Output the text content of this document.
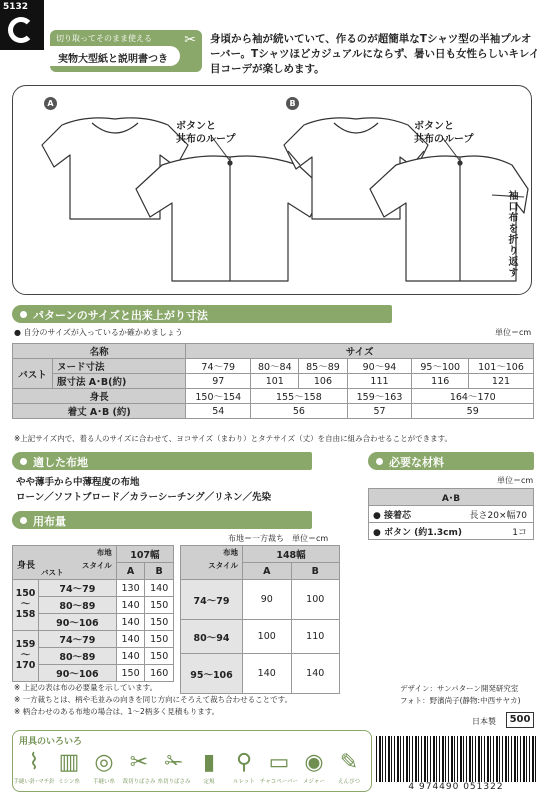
5132
切り取ってそのまま使える ✂
実物大型紙と説明書つき
身頃から袖が続いていて、作るのが超簡単なTシャツ型の半袖プルオーバー。Tシャツほどカジュアルにならず、暑い日も女性らしいキレイ目コーデが楽しめます。
A	B
ボタンと
共布のループ
ボタンと
共布のループ
袖口布を折り返す
パターンのサイズと出来上がり寸法
● 自分のサイズが入っているか確かめましょう	単位＝cm
名称		サイズ					
バスト	ヌード寸法	74〜79	80〜84	85〜89	90〜94	95〜100	101〜106
	服寸法 A･B(約)	97	101	106	111	116	121
身長		150〜154	155〜158		159〜163	164〜170	
着丈 A･B (約)		54	56		57	59	
※上記サイズ内で、着る人のサイズに合わせて、ヨコサイズ（まわり）とタテサイズ（丈）を自由に組み合わせることができます。
適した布地
やや薄手から中薄程度の布地
ローン／ソフトブロード／カラーシーチング／リネン／先染
必要な材料
単位＝cm
A･B	
● 接着芯	長さ20×幅70
● ボタン (約1.3cm)	1コ
用布量
布地＝一方裁ち　単位＝cm
布地
スタイル
身長
バスト		107幅	
		A	B
150
〜
158	74〜79	130	140
	80〜89	140	150
	90〜106	140	150
159
〜
170	74〜79	140	150
	80〜89	140	150
	90〜106	150	160
布地
スタイル	148幅	
	A	B
74〜79	90	100
80〜94	100	110
95〜106	140	140
※ 上記の表は布の必要量を示しています。
※ 一方裁ちとは、柄や毛並みの向きを同じ方向にそろえて裁ち合わせることです。
※ 柄合わせのある布地の場合は、1〜2柄多く見積もります。
デザイン：サンパターン開発研究室
フォト：野濱尚子(静物:中西サヤカ)
日本製	500
用具のいろいろ
⌇
手縫い針･マチ針
▥
ミシン糸
◎
手縫い糸
✂
裁切りばさみ
✁
糸切りばさみ
▮
定規
⚲
ルレット
▭
チャコペーパー
◉
メジャー
✎
えんぴつ	4 974490 051322
